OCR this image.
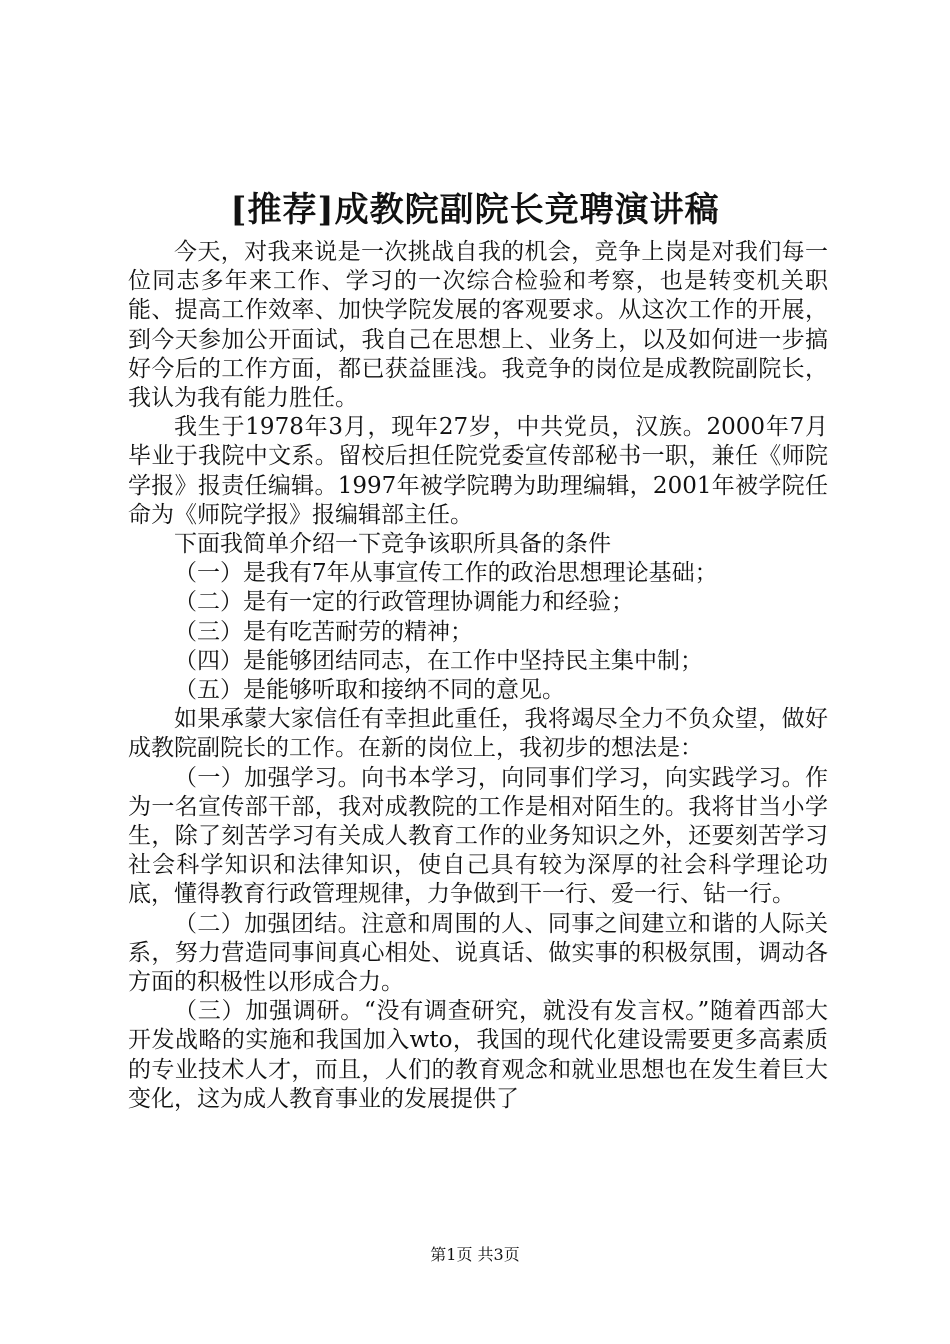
[推荐]成教院副院长竞聘演讲稿

今天，对我来说是一次挑战自我的机会，竞争上岗是对我们每一位同志多年来工作、学习的一次综合检验和考察，也是转变机关职能、提高工作效率、加快学院发展的客观要求。从这次工作的开展，到今天参加公开面试，我自己在思想上、业务上，以及如何进一步搞好今后的工作方面，都已获益匪浅。我竞争的岗位是成教院副院长，我认为我有能力胜任。

我生于1978年3月，现年27岁，中共党员，汉族。2000年7月毕业于我院中文系。留校后担任院党委宣传部秘书一职，兼任《师院学报》报责任编辑。1997年被学院聘为助理编辑，2001年被学院任命为《师院学报》报编辑部主任。

下面我简单介绍一下竞争该职所具备的条件

（一）是我有7年从事宣传工作的政治思想理论基础；

（二）是有一定的行政管理协调能力和经验；

（三）是有吃苦耐劳的精神；

（四）是能够团结同志，在工作中坚持民主集中制；

（五）是能够听取和接纳不同的意见。

如果承蒙大家信任有幸担此重任，我将竭尽全力不负众望，做好成教院副院长的工作。在新的岗位上，我初步的想法是：

（一）加强学习。向书本学习，向同事们学习，向实践学习。作为一名宣传部干部，我对成教院的工作是相对陌生的。我将甘当小学生，除了刻苦学习有关成人教育工作的业务知识之外，还要刻苦学习社会科学知识和法律知识，使自己具有较为深厚的社会科学理论功底，懂得教育行政管理规律，力争做到干一行、爱一行、钻一行。

（二）加强团结。注意和周围的人、同事之间建立和谐的人际关系，努力营造同事间真心相处、说真话、做实事的积极氛围，调动各方面的积极性以形成合力。

（三）加强调研。“没有调查研究，就没有发言权。”随着西部大开发战略的实施和我国加入wto，我国的现代化建设需要更多高素质的专业技术人才，而且，人们的教育观念和就业思想也在发生着巨大变化，这为成人教育事业的发展提供了

第1页 共3页
